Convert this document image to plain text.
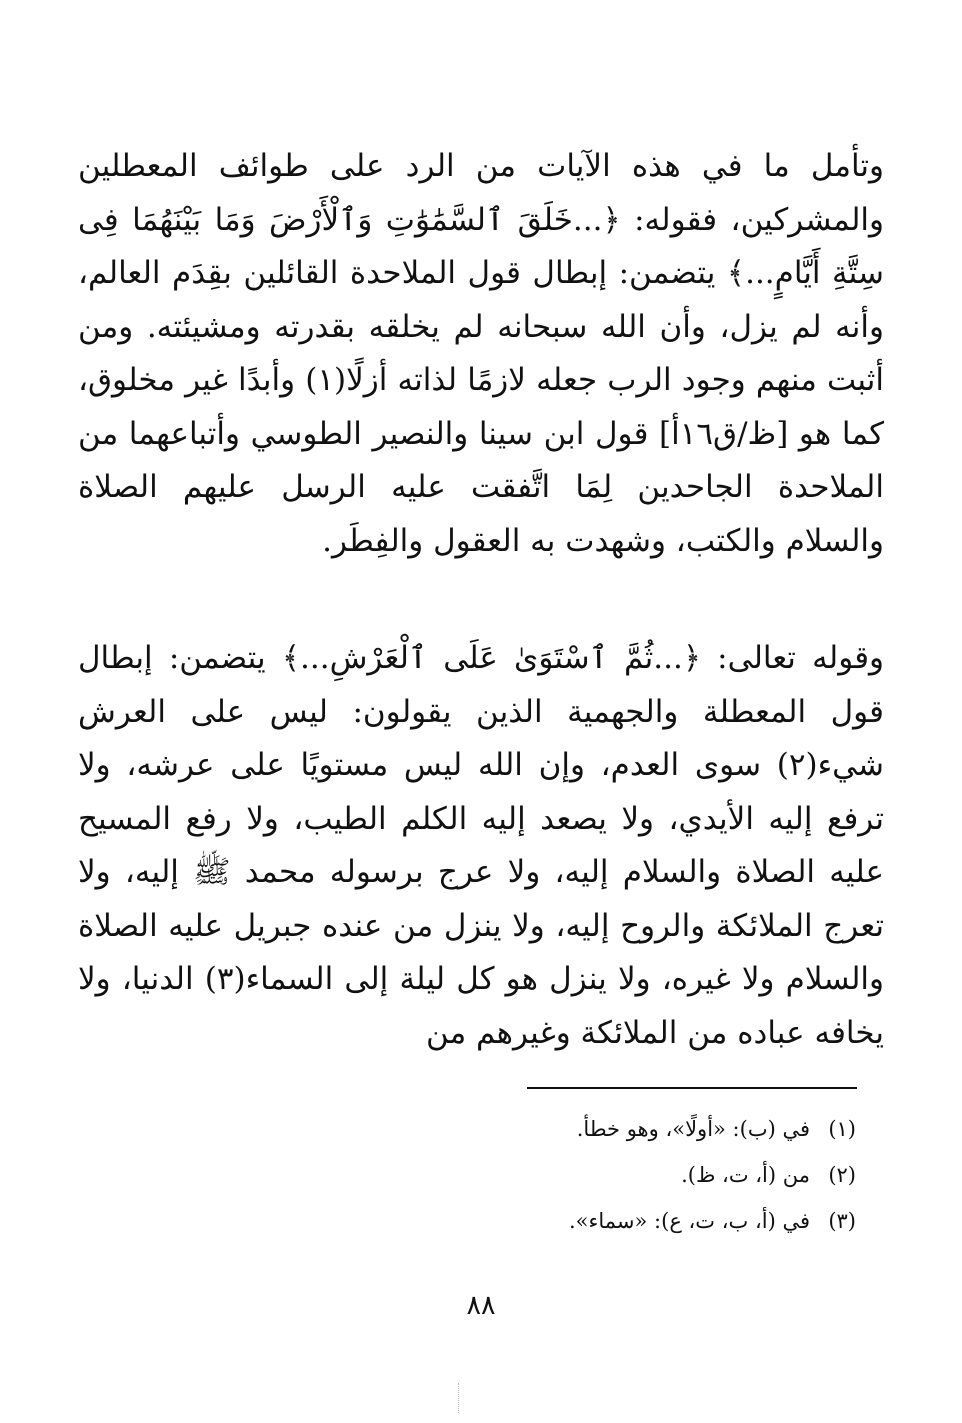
وتأمل ما في هذه الآيات من الرد على طوائف المعطلين والمشركين، فقوله: ﴿...خَلَقَ ٱلسَّمَٰوَٰتِ وَٱلْأَرْضَ وَمَا بَيْنَهُمَا فِى سِتَّةِ أَيَّامٍ...﴾ يتضمن: إبطال قول الملاحدة القائلين بقِدَم العالم، وأنه لم يزل، وأن الله سبحانه لم يخلقه بقدرته ومشيئته. ومن أثبت منهم وجود الرب جعله لازمًا لذاته أزلًا(١) وأبدًا غير مخلوق، كما هو [ظ/ق١٦أ] قول ابن سينا والنصير الطوسي وأتباعهما من الملاحدة الجاحدين لِمَا اتَّفقت عليه الرسل عليهم الصلاة والسلام والكتب، وشهدت به العقول والفِطَر.

وقوله تعالى: ﴿...ثُمَّ ٱسْتَوَىٰ عَلَى ٱلْعَرْشِ...﴾ يتضمن: إبطال قول المعطلة والجهمية الذين يقولون: ليس على العرش شيء(٢) سوى العدم، وإن الله ليس مستويًا على عرشه، ولا ترفع إليه الأيدي، ولا يصعد إليه الكلم الطيب، ولا رفع المسيح عليه الصلاة والسلام إليه، ولا عرج برسوله محمد ﷺ إليه، ولا تعرج الملائكة والروح إليه، ولا ينزل من عنده جبريل عليه الصلاة والسلام ولا غيره، ولا ينزل هو كل ليلة إلى السماء(٣) الدنيا، ولا يخافه عباده من الملائكة وغيرهم من

(١)في (ب): «أولًا»، وهو خطأ.
(٢)من (أ، ت، ظ).
(٣)في (أ، ب، ت، ع): «سماء».
٨٨
